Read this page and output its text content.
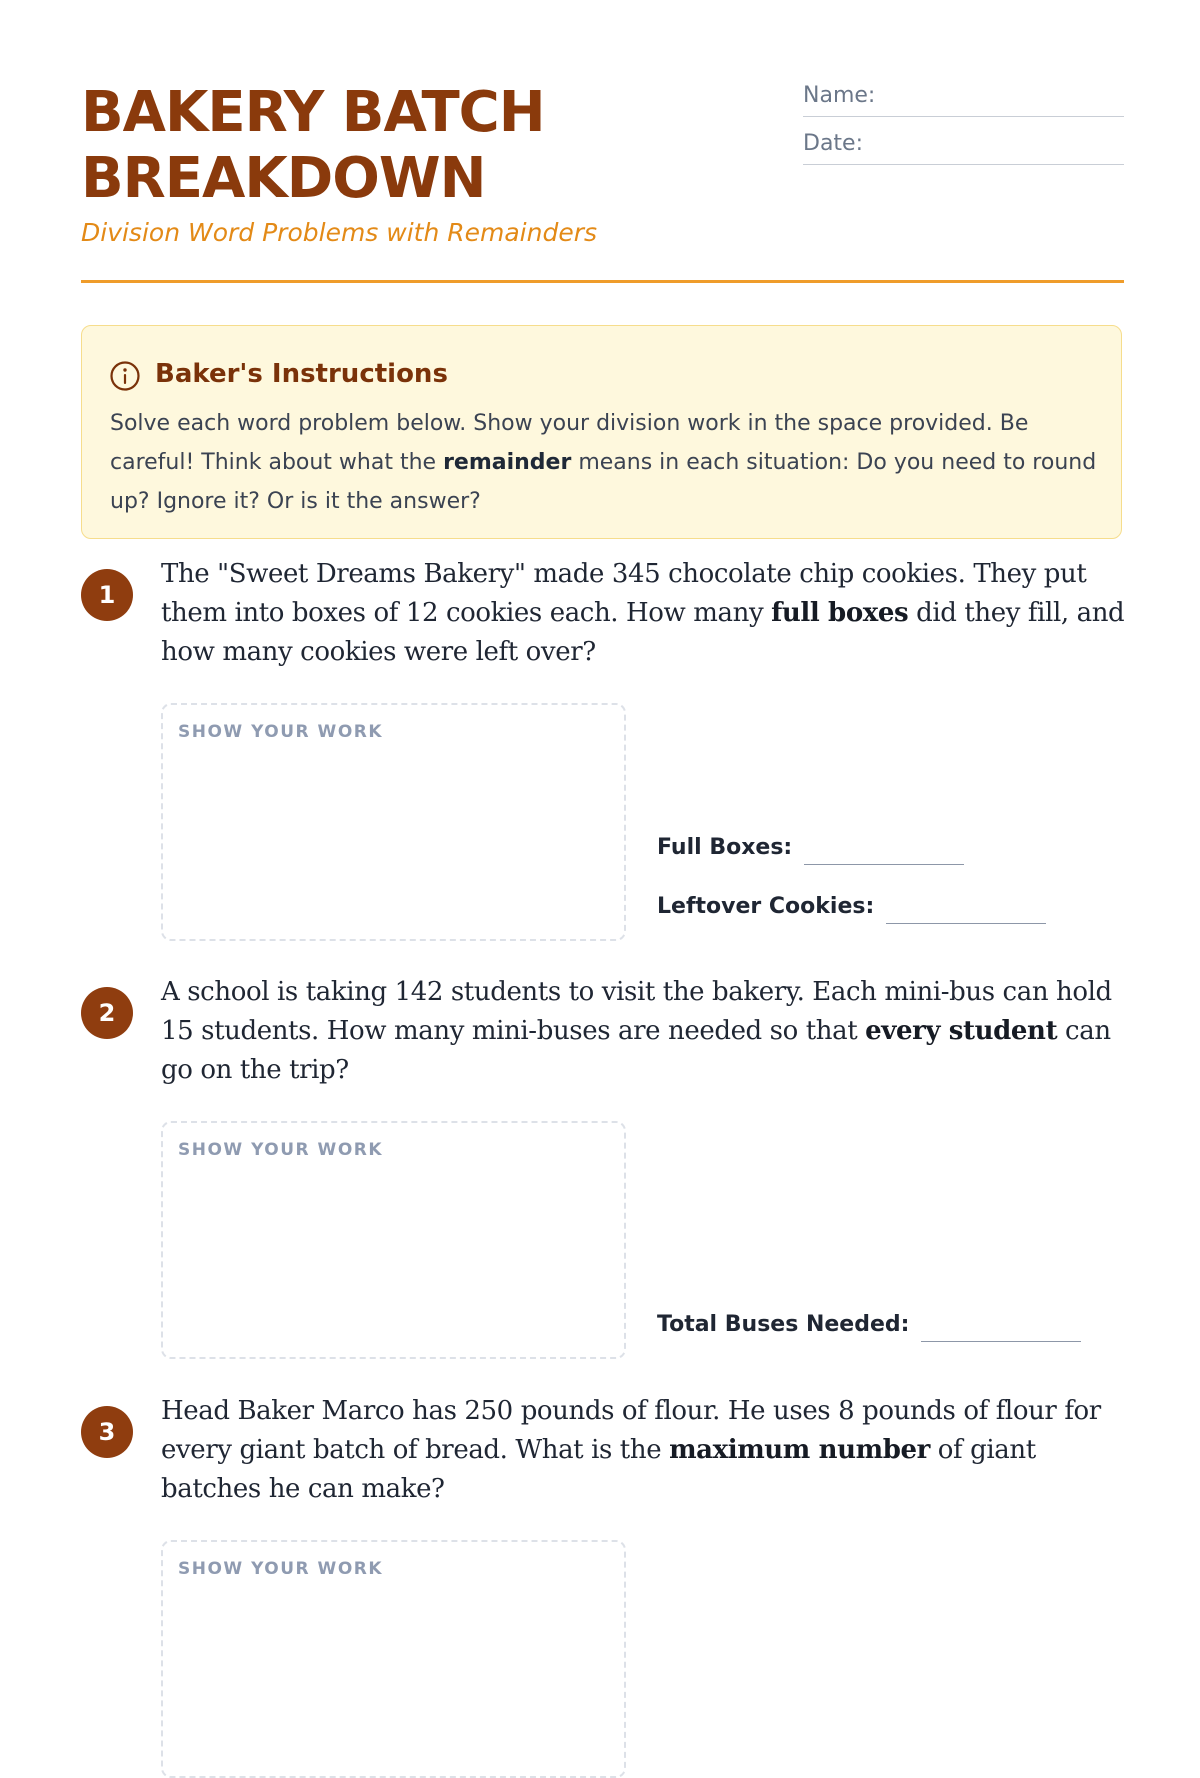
BAKERY BATCH BREAKDOWN
Division Word Problems with Remainders
Name:
Date:
Baker's Instructions

Solve each word problem below. Show your division work in the space provided. Be careful! Think about what the remainder means in each situation: Do you need to round up? Ignore it? Or is it the answer?

1

The "Sweet Dreams Bakery" made 345 chocolate chip cookies. They put them into boxes of 12 cookies each. How many full boxes did they fill, and how many cookies were left over?

SHOW YOUR WORK
Full Boxes:
Leftover Cookies:
2

A school is taking 142 students to visit the bakery. Each mini-bus can hold 15 students. How many mini-buses are needed so that every student can go on the trip?

SHOW YOUR WORK
Total Buses Needed:
3

Head Baker Marco has 250 pounds of flour. He uses 8 pounds of flour for every giant batch of bread. What is the maximum number of giant batches he can make?

SHOW YOUR WORK
